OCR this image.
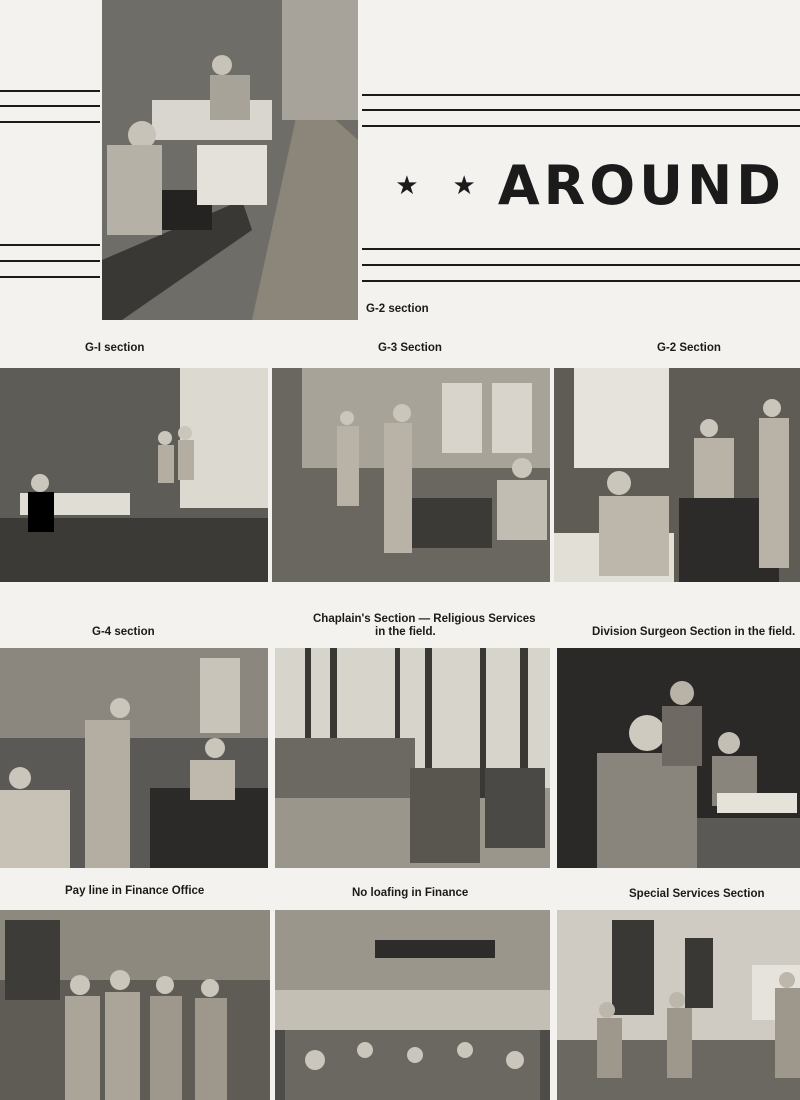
★ ★ AROUND
G-2 section
G-I section	G-3 Section	G-2 Section
G-4 section
Chaplain's Section — Religious Services
in the field.	Division Surgeon Section in the field.
Pay line in Finance Office	No loafing in Finance	Special Services Section
